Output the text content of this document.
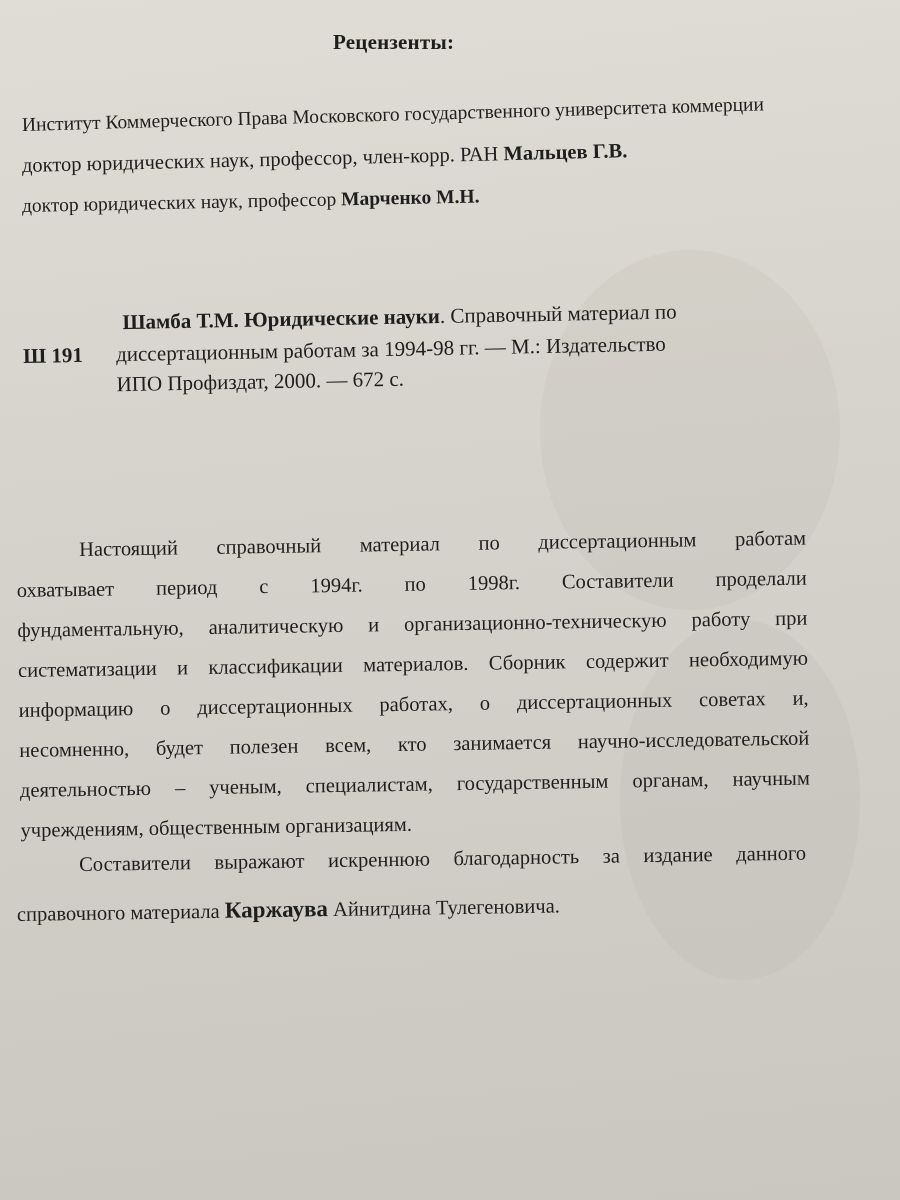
Рецензенты:
Институт Коммерческого Права Московского государственного университета коммерции
доктор юридических наук, профессор, член-корр. РАН Мальцев Г.В.
доктор юридических наук, профессор Марченко М.Н.
Ш 191
Шамба Т.М. Юридические науки. Справочный материал по
диссертационным работам за 1994-98 гг. — М.: Издательство
ИПО Профиздат, 2000. — 672 с.
Настоящий справочный материал по диссертационным работам
охватывает период с 1994г. по 1998г. Составители проделали
фундаментальную, аналитическую и организационно-техническую работу при
систематизации и классификации материалов. Сборник содержит необходимую
информацию о диссертационных работах, о диссертационных советах и,
несомненно, будет полезен всем, кто занимается научно-исследовательской
деятельностью – ученым, специалистам, государственным органам, научным
учреждениям, общественным организациям.
Составители выражают искреннюю благодарность за издание данного
справочного материала Каржаува Айнитдина Тулегеновича.
